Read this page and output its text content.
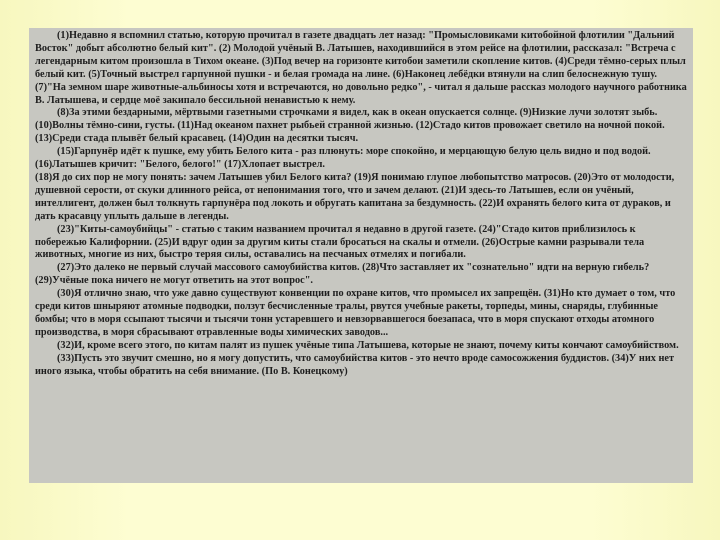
(1)Недавно я вспомнил статью, которую прочитал в газете двадцать лет назад: "Промысловиками китобойной флотилии "Дальний Восток" добыт абсолютно белый кит". (2) Молодой учёный В. Латышев, находившийся в этом рейсе на флотилии, рассказал: "Встреча с легендарным китом произошла в Тихом океане. (3)Под вечер на горизонте китобои заметили скопление китов. (4)Среди тёмно-серых плыл белый кит. (5)Точный выстрел гарпунной пушки - и белая громада на лине. (6)Наконец лебёдки втянули на слип белоснежную тушу. (7)"На земном шаре животные-альбиносы хотя и встречаются, но довольно редко", - читал я дальше рассказ молодого научного работника В. Латышева, и сердце моё закипало бессильной ненавистью к нему.

(8)За этими бездарными, мёртвыми газетными строчками я видел, как в океан опускается солнце. (9)Низкие лучи золотят зыбь. (10)Волны тёмно-сини, густы. (11)Над океаном пахнет рыбьей странной жизнью. (12)Стадо китов провожает светило на ночной покой. (13)Среди стада плывёт белый красавец. (14)Один на десятки тысяч.

(15)Гарпунёр идёт к пушке, ему убить Белого кита - раз плюнуть: море спокойно, и мерцающую белую цель видно и под водой. (16)Латышев кричит: "Белого, белого!" (17)Хлопает выстрел.

(18)Я до сих пор не могу понять: зачем Латышев убил Белого кита? (19)Я понимаю глупое любопытство матросов. (20)Это от молодости, душевной серости, от скуки длинного рейса, от непонимания того, что и зачем делают. (21)И здесь-то Латышев, если он учёный, интеллигент, должен был толкнуть гарпунёра под локоть и обругать капитана за бездумность. (22)И охранять белого кита от дураков, и дать красавцу уплыть дальше в легенды.

(23)"Киты-самоубийцы" - статью с таким названием прочитал я недавно в другой газете. (24)"Стадо китов приблизилось к побережью Калифорнии. (25)И вдруг один за другим киты стали бросаться на скалы и отмели. (26)Острые камни разрывали тела животных, многие из них, быстро теряя силы, оставались на песчаных отмелях и погибали.

(27)Это далеко не первый случай массового самоубийства китов. (28)Что заставляет их "сознательно" идти на верную гибель? (29)Учёные пока ничего не могут ответить на этот вопрос".

(30)Я отлично знаю, что уже давно существуют конвенции по охране китов, что промысел их запрещён. (31)Но кто думает о том, что среди китов шныряют атомные подводки, ползут бесчисленные тралы, рвутся учебные ракеты, торпеды, мины, снаряды, глубинные бомбы; что в моря ссыпают тысячи и тысячи тонн устаревшего и невзорвавшегося боезапаса, что в моря спускают отходы атомного производства, в моря сбрасывают отравленные воды химических заводов...

(32)И, кроме всего этого, по китам палят из пушек учёные типа Латышева, которые не знают, почему киты кончают самоубийством.

(33)Пусть это звучит смешно, но я могу допустить, что самоубийства китов - это нечто вроде самосожжения буддистов. (34)У них нет иного языка, чтобы обратить на себя внимание. (По В. Конецкому)
